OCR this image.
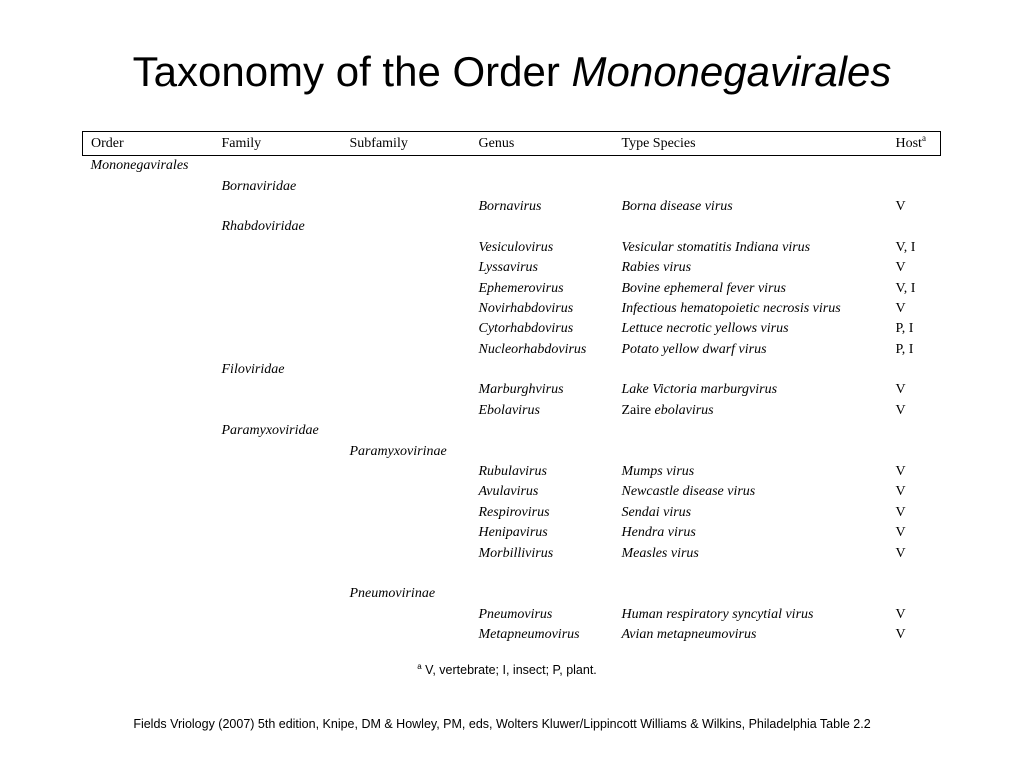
Taxonomy of the Order Mononegavirales
Order	Family	Subfamily	Genus	Type Species	Host$^a$
Mononegavirales					
	Bornaviridae				
			Bornavirus	Borna disease virus	V
	Rhabdoviridae				
			Vesiculovirus	Vesicular stomatitis Indiana virus	V, I
			Lyssavirus	Rabies virus	V
			Ephemerovirus	Bovine ephemeral fever virus	V, I
			Novirhabdovirus	Infectious hematopoietic necrosis virus	V
			Cytorhabdovirus	Lettuce necrotic yellows virus	P, I
			Nucleorhabdovirus	Potato yellow dwarf virus	P, I
	Filoviridae				
			Marburghvirus	Lake Victoria marburgvirus	V
			Ebolavirus	Zaire ebolavirus	V
	Paramyxoviridae				
		Paramyxovirinae			
			Rubulavirus	Mumps virus	V
			Avulavirus	Newcastle disease virus	V
			Respirovirus	Sendai virus	V
			Henipavirus	Hendra virus	V
			Morbillivirus	Measles virus	V

		Pneumovirinae			
			Pneumovirus	Human respiratory syncytial virus	V
			Metapneumovirus	Avian metapneumovirus	V
$^a$ V, vertebrate; I, insect; P, plant.
Fields Vriology (2007) 5th edition, Knipe, DM & Howley, PM, eds, Wolters Kluwer/Lippincott Williams & Wilkins, Philadelphia Table 2.2
